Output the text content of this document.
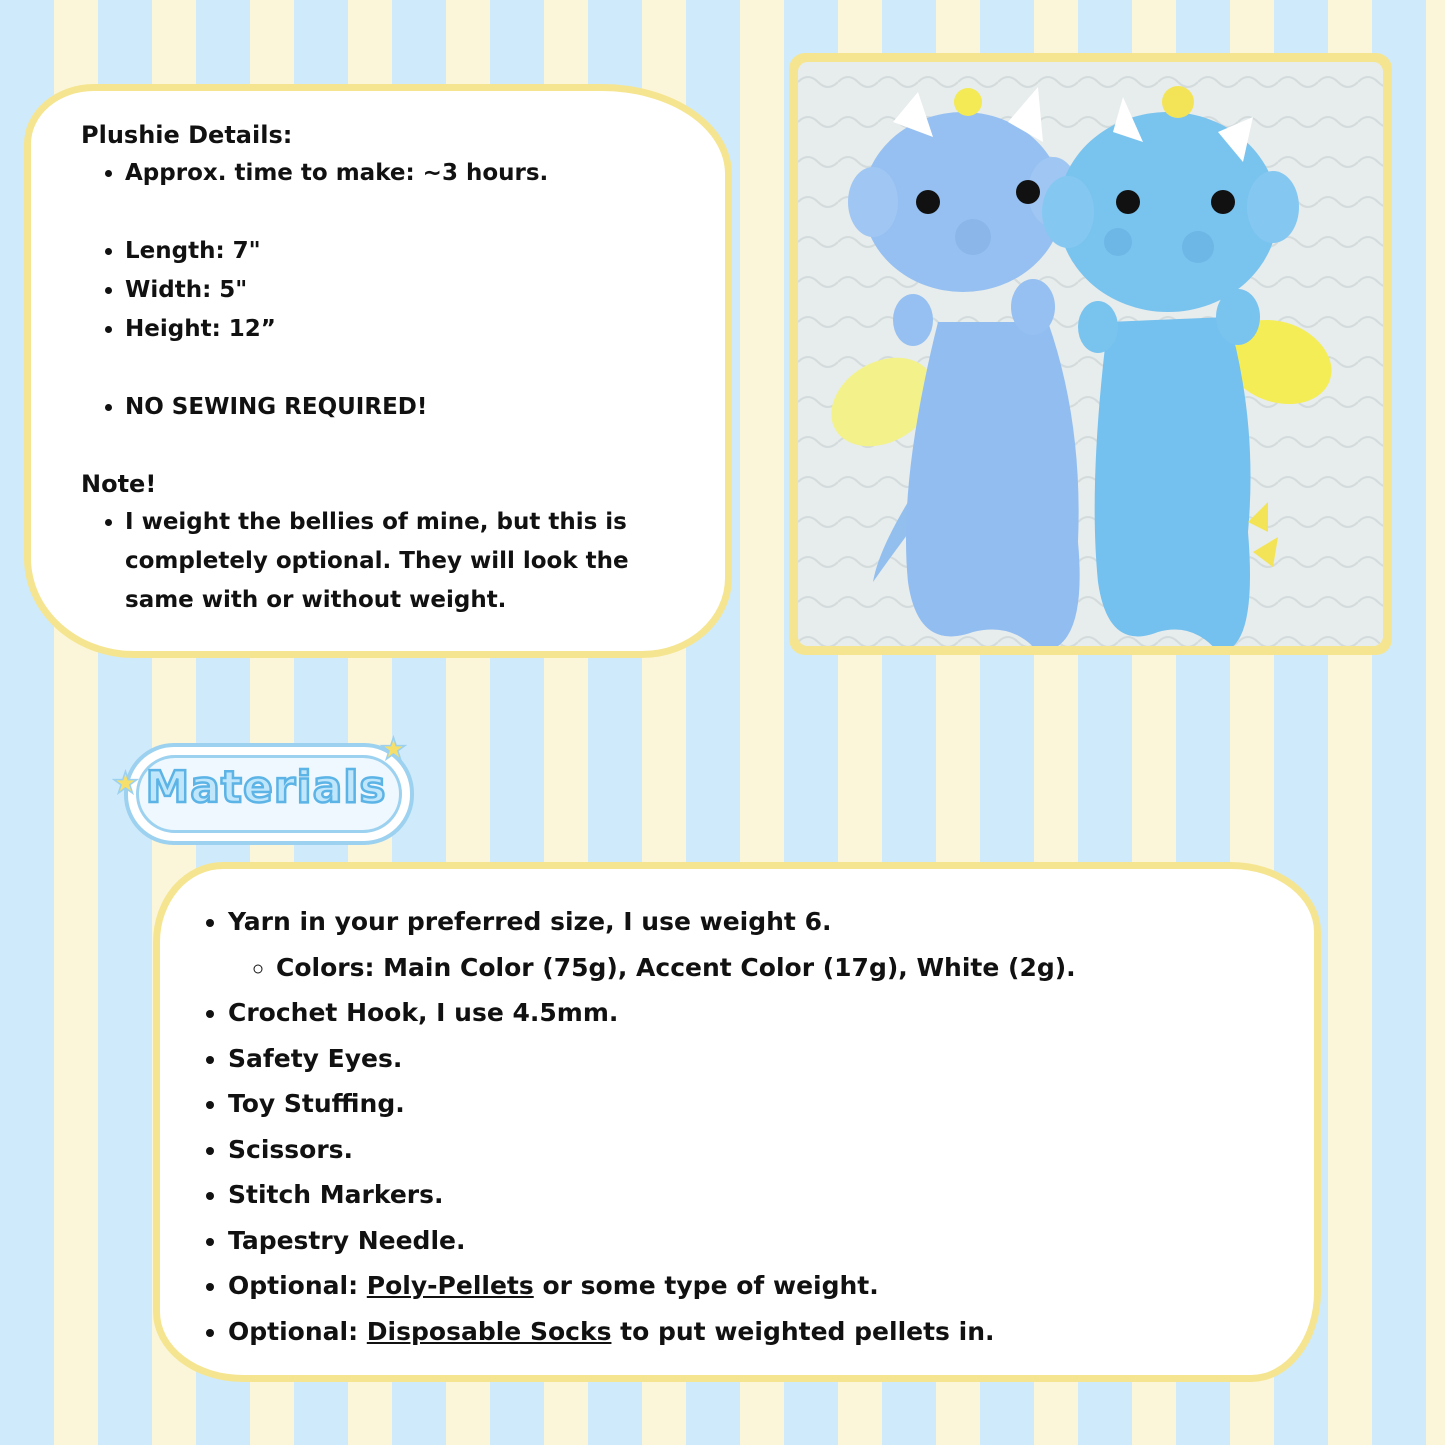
Plushie Details:

• Approx. time to make: ~3 hours.
• Length: 7"
• Width: 5"
• Height: 12”
• NO SEWING REQUIRED!

Note!

• I weight the bellies of mine, but this is completely optional. They will look the same with or without weight.
Materials
★
★
• Yarn in your preferred size, I use weight 6.
◦ Colors: Main Color (75g), Accent Color (17g), White (2g).
• Crochet Hook, I use 4.5mm.
• Safety Eyes.
• Toy Stuffing.
• Scissors.
• Stitch Markers.
• Tapestry Needle.
• Optional: Poly-Pellets or some type of weight.
• Optional: Disposable Socks to put weighted pellets in.
